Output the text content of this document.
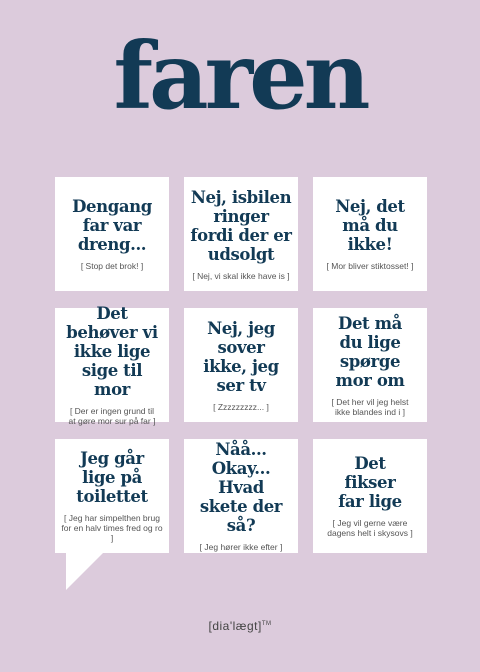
faren
Dengang far var dreng...
[ Stop det brok! ]
Nej, isbilen ringer fordi der er udsolgt
[ Nej, vi skal ikke have is ]
Nej, det må du ikke!
[ Mor bliver stiktosset! ]
Det behøver vi ikke lige sige til mor
[ Der er ingen grund til at gøre mor sur på far ]
Nej, jeg sover ikke, jeg ser tv
[ Zzzzzzzzz... ]
Det må du lige spørge mor om
[ Det her vil jeg helst ikke blandes ind i ]
Jeg går lige på toilettet
[ Jeg har simpelthen brug for en halv times fred og ro ]
Nåå... Okay... Hvad skete der så?
[ Jeg hører ikke efter ]
Det fikser far lige
[ Jeg vil gerne være dagens helt i skysovs ]
[dia'lægt]™
